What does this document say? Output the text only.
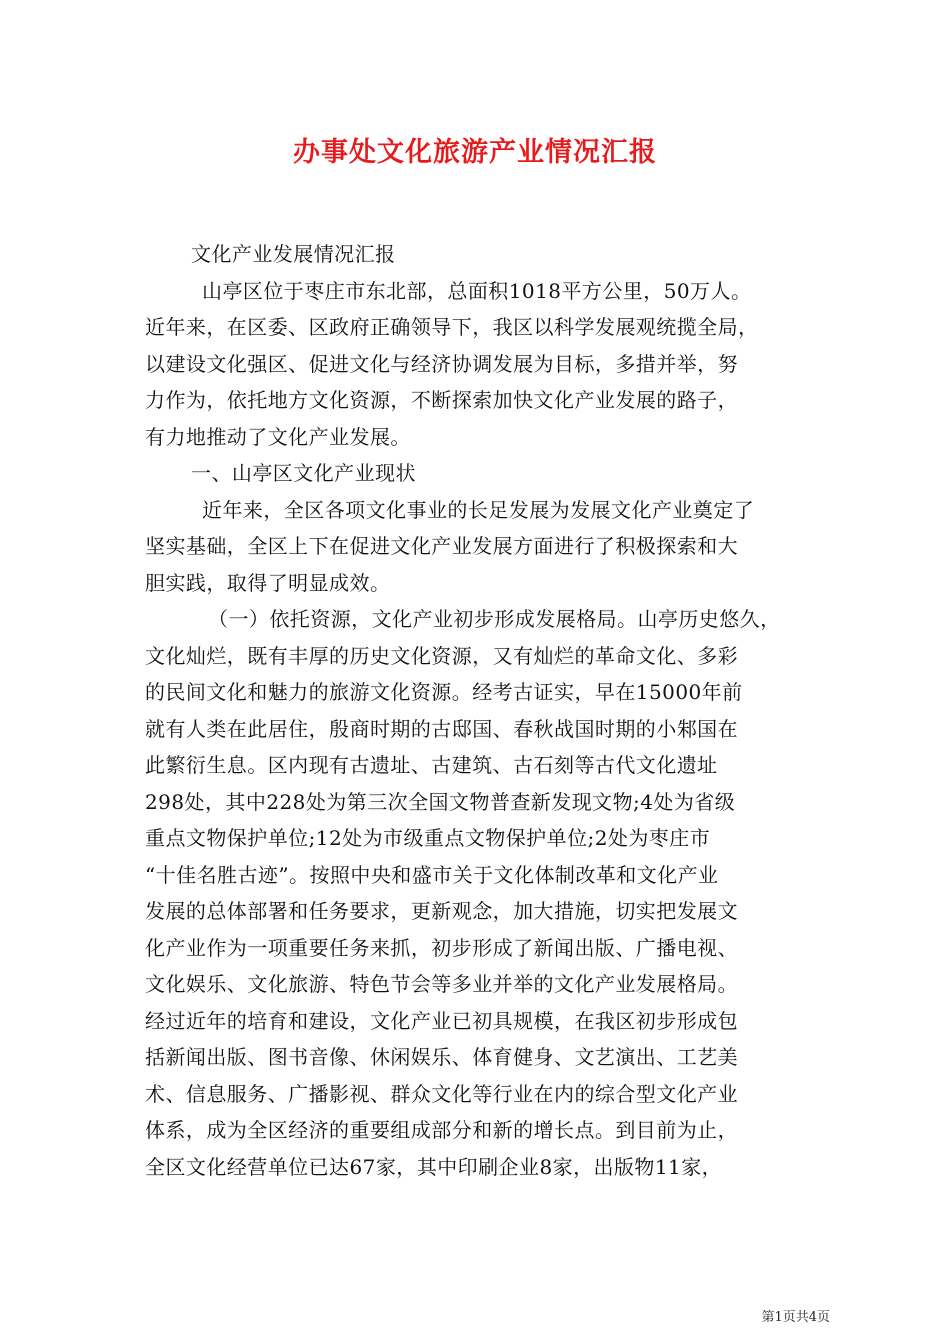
办事处文化旅游产业情况汇报
文化产业发展情况汇报
山亭区位于枣庄市东北部，总面积1018平方公里，50万人。
近年来，在区委、区政府正确领导下，我区以科学发展观统揽全局，
以建设文化强区、促进文化与经济协调发展为目标，多措并举，努
力作为，依托地方文化资源，不断探索加快文化产业发展的路子，
有力地推动了文化产业发展。
一、山亭区文化产业现状
近年来，全区各项文化事业的长足发展为发展文化产业奠定了
坚实基础，全区上下在促进文化产业发展方面进行了积极探索和大
胆实践，取得了明显成效。
（一）依托资源，文化产业初步形成发展格局。山亭历史悠久，
文化灿烂，既有丰厚的历史文化资源，又有灿烂的革命文化、多彩
的民间文化和魅力的旅游文化资源。经考古证实，早在15000年前
就有人类在此居住，殷商时期的古邸国、春秋战国时期的小邾国在
此繁衍生息。区内现有古遗址、古建筑、古石刻等古代文化遗址
298处，其中228处为第三次全国文物普查新发现文物;4处为省级
重点文物保护单位;12处为市级重点文物保护单位;2处为枣庄市
“十佳名胜古迹”。按照中央和盛市关于文化体制改革和文化产业
发展的总体部署和任务要求，更新观念，加大措施，切实把发展文
化产业作为一项重要任务来抓，初步形成了新闻出版、广播电视、
文化娱乐、文化旅游、特色节会等多业并举的文化产业发展格局。
经过近年的培育和建设，文化产业已初具规模，在我区初步形成包
括新闻出版、图书音像、休闲娱乐、体育健身、文艺演出、工艺美
术、信息服务、广播影视、群众文化等行业在内的综合型文化产业
体系，成为全区经济的重要组成部分和新的增长点。到目前为止，
全区文化经营单位已达67家，其中印刷企业8家，出版物11家，
第1页共4页
